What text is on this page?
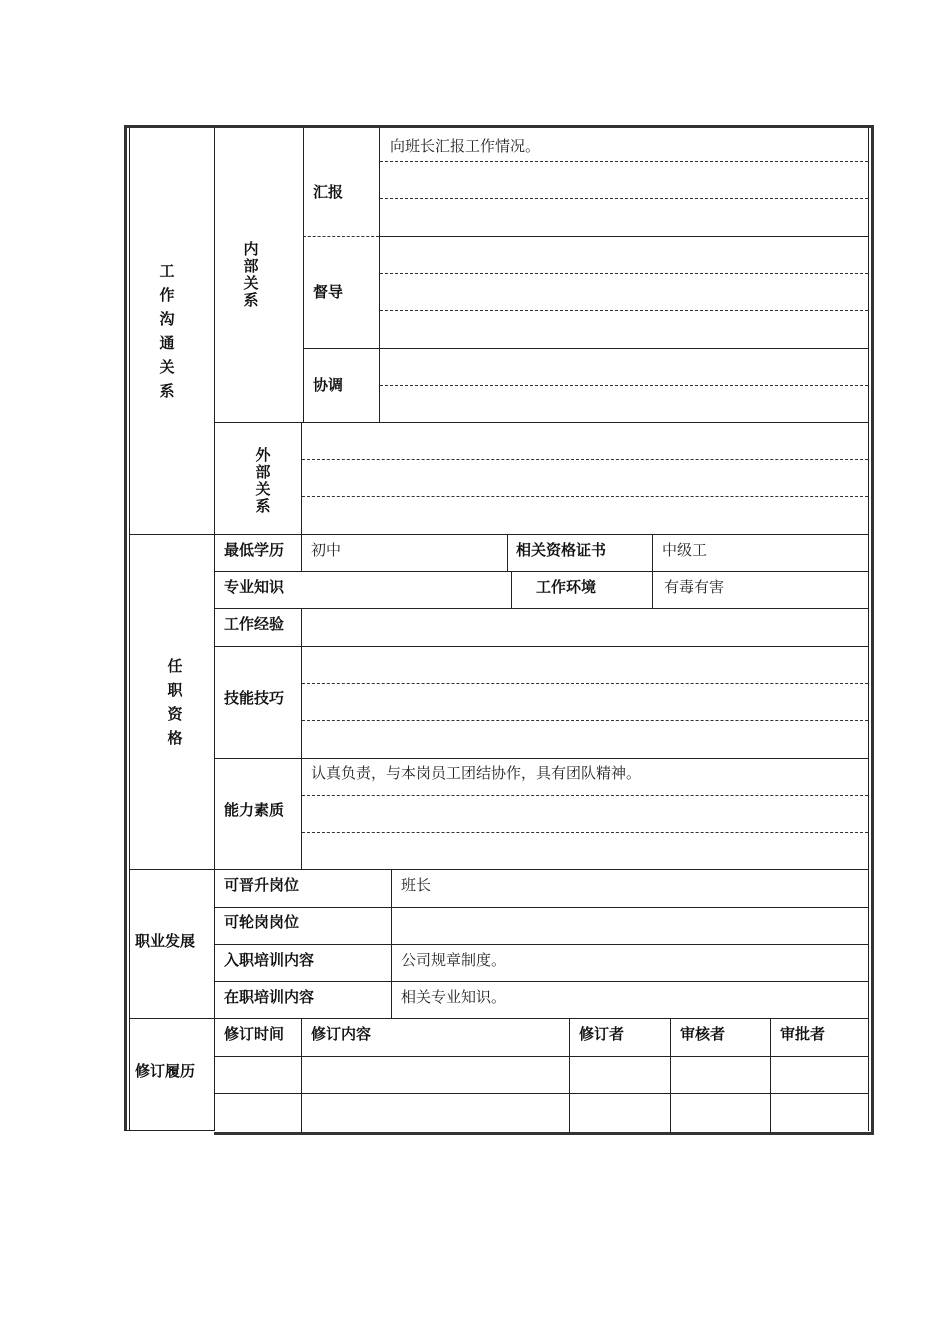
工作沟通关系
内部关系
外部关系
汇报
向班长汇报工作情况。
督导
协调
任职资格
最低学历 初中	相关资格证书	中级工
专业知识	工作环境	有毒有害
工作经验
技能技巧
能力素质
认真负责，与本岗员工团结协作，具有团队精神。
职业发展
可晋升岗位	班长
可轮岗岗位
入职培训内容	公司规章制度。
在职培训内容	相关专业知识。
修订履历
修订时间 修订内容	修订者	审核者	审批者
